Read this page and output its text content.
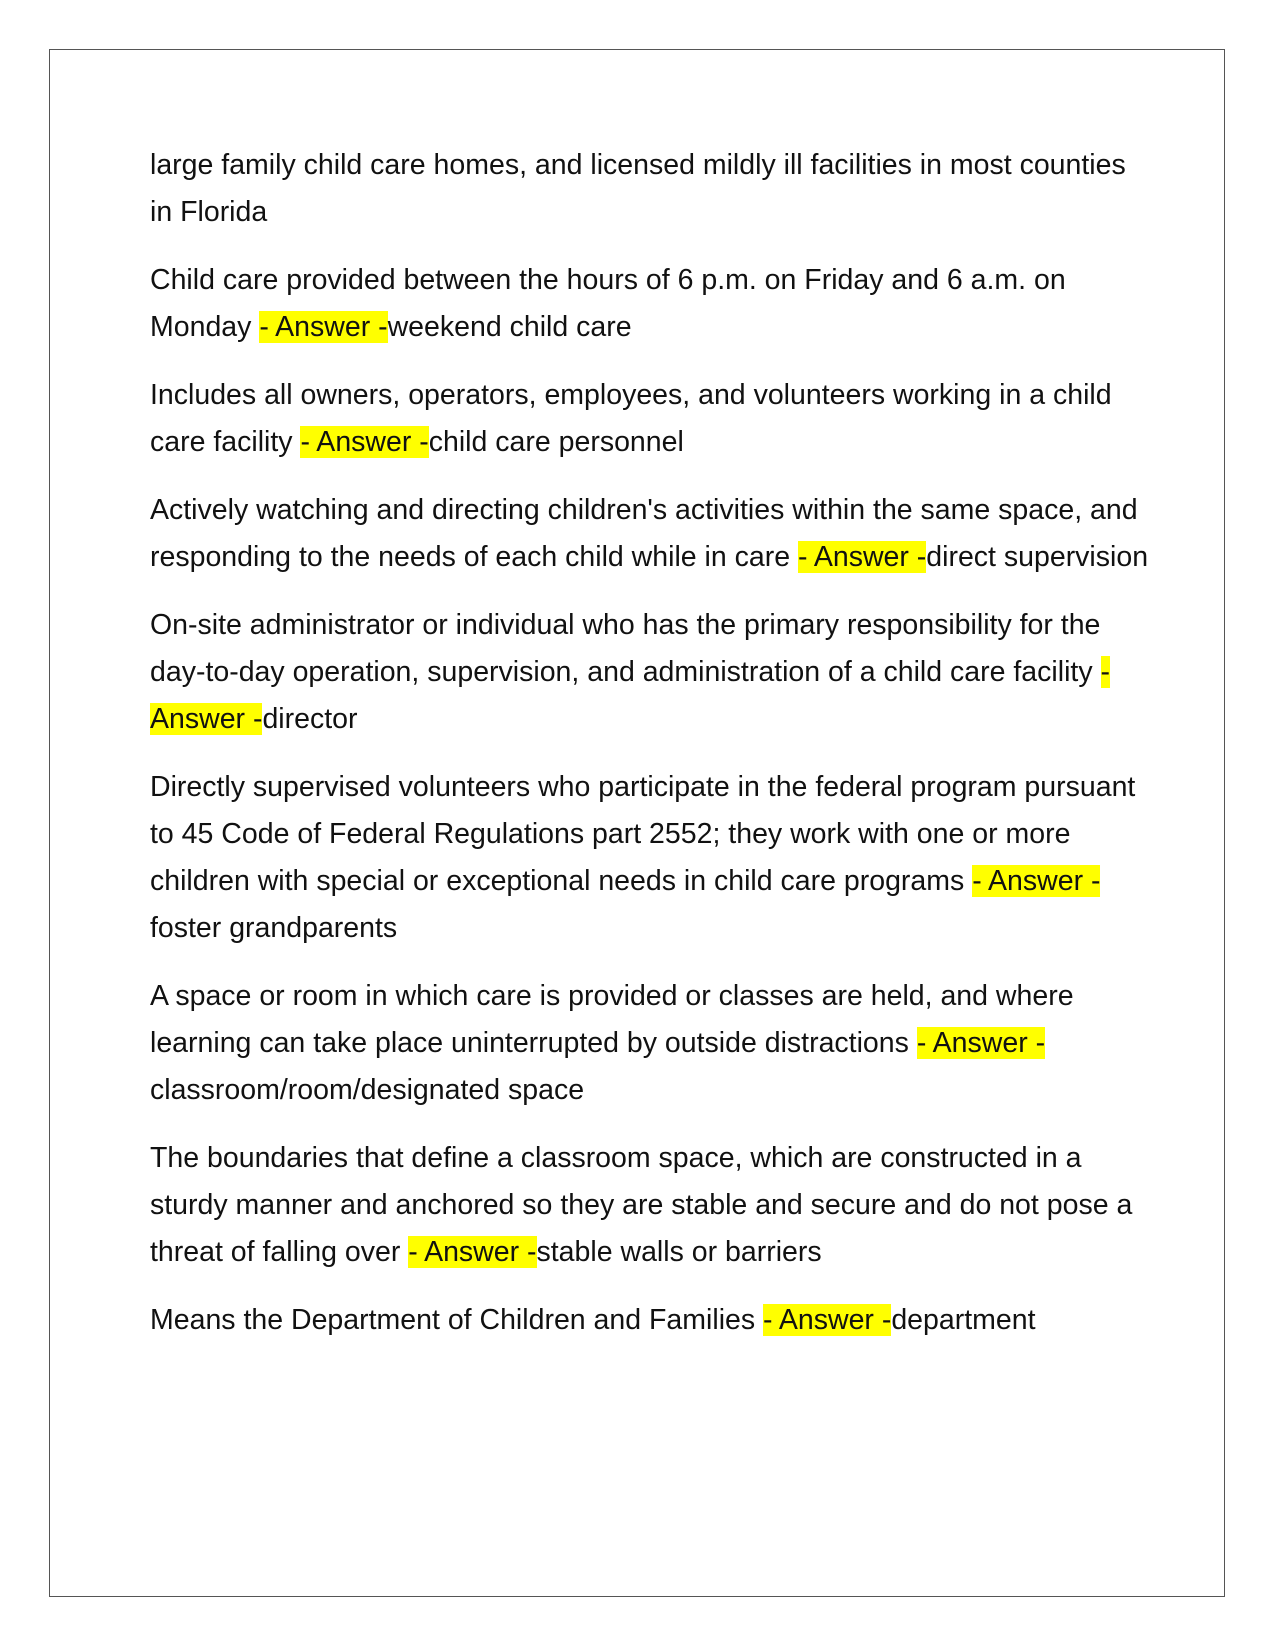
large family child care homes, and licensed mildly ill facilities in most counties in Florida

Child care provided between the hours of 6 p.m. on Friday and 6 a.m. on Monday - Answer -weekend child care

Includes all owners, operators, employees, and volunteers working in a child care facility - Answer -child care personnel

Actively watching and directing children's activities within the same space, and responding to the needs of each child while in care - Answer -direct supervision

On-site administrator or individual who has the primary responsibility for the day-to-day operation, supervision, and administration of a child care facility - Answer -director

Directly supervised volunteers who participate in the federal program pursuant to 45 Code of Federal Regulations part 2552; they work with one or more children with special or exceptional needs in child care programs - Answer -foster grandparents

A space or room in which care is provided or classes are held, and where learning can take place uninterrupted by outside distractions - Answer -classroom/room/designated space

The boundaries that define a classroom space, which are constructed in a sturdy manner and anchored so they are stable and secure and do not pose a threat of falling over - Answer -stable walls or barriers

Means the Department of Children and Families - Answer -department
